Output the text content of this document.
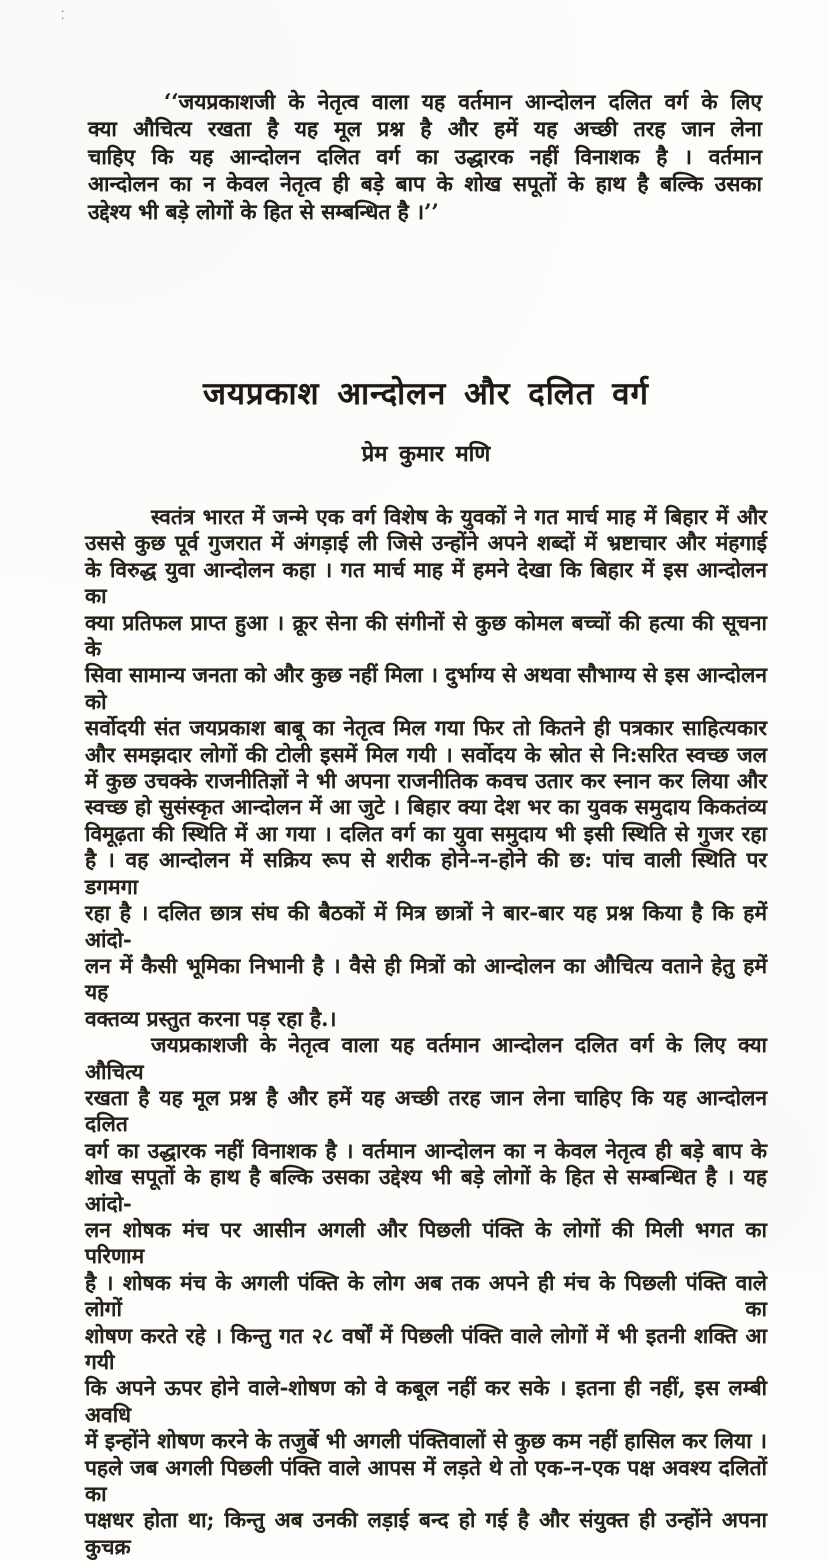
· ·
‘‘जयप्रकाशजी के नेतृत्व वाला यह वर्तमान आन्दोलन दलित वर्ग के लिए
क्या औचित्य रखता है यह मूल प्रश्न है और हमें यह अच्छी तरह जान लेना
चाहिए कि यह आन्दोलन दलित वर्ग का उद्धारक नहीं विनाशक है । वर्तमान
आन्दोलन का न केवल नेतृत्व ही बड़े बाप के शोख सपूतों के हाथ है बल्कि उसका
उद्देश्य भी बड़े लोगों के हित से सम्बन्धित है ।’’
जयप्रकाश आन्दोलन और दलित वर्ग
प्रेम कुमार मणि
स्वतंत्र भारत में जन्मे एक वर्ग विशेष के युवकों ने गत मार्च माह में बिहार में और
उससे कुछ पूर्व गुजरात में अंगड़ाई ली जिसे उन्होंने अपने शब्दों में भ्रष्टाचार और मंहगाई
के विरुद्ध युवा आन्दोलन कहा । गत मार्च माह में हमने देखा कि बिहार में इस आन्दोलन का
क्या प्रतिफल प्राप्त हुआ । क्रूर सेना की संगीनों से कुछ कोमल बच्चों की हत्या की सूचना के
सिवा सामान्य जनता को और कुछ नहीं मिला । दुर्भाग्य से अथवा सौभाग्य से इस आन्दोलन को
सर्वोदयी संत जयप्रकाश बाबू का नेतृत्व मिल गया फिर तो कितने ही पत्रकार साहित्यकार
और समझदार लोगों की टोली इसमें मिल गयी । सर्वोदय के स्रोत से नि:सरित स्वच्छ जल
में कुछ उचक्के राजनीतिज्ञों ने भी अपना राजनीतिक कवच उतार कर स्नान कर लिया और
स्वच्छ हो सुसंस्कृत आन्दोलन में आ जुटे । बिहार क्या देश भर का युवक समुदाय किकतंव्य
विमूढ़ता की स्थिति में आ गया । दलित वर्ग का युवा समुदाय भी इसी स्थिति से गुजर रहा
है । वह आन्दोलन में सक्रिय रूप से शरीक होने-न-होने की छ: पांच वाली स्थिति पर डगमगा
रहा है । दलित छात्र संघ की बैठकों में मित्र छात्रों ने बार-बार यह प्रश्न किया है कि हमें आंदो-
लन में कैसी भूमिका निभानी है । वैसे ही मित्रों को आन्दोलन का औचित्य वताने हेतु हमें यह
वक्तव्य प्रस्तुत करना पड़ रहा है.।
जयप्रकाशजी के नेतृत्व वाला यह वर्तमान आन्दोलन दलित वर्ग के लिए क्या औचित्य
रखता है यह मूल प्रश्न है और हमें यह अच्छी तरह जान लेना चाहिए कि यह आन्दोलन दलित
वर्ग का उद्धारक नहीं विनाशक है । वर्तमान आन्दोलन का न केवल नेतृत्व ही बड़े बाप के
शोख सपूतों के हाथ है बल्कि उसका उद्देश्य भी बड़े लोगों के हित से सम्बन्धित है । यह आंदो-
लन शोषक मंच पर आसीन अगली और पिछली पंक्ति के लोगों की मिली भगत का परिणाम
है । शोषक मंच के अगली पंक्ति के लोग अब तक अपने ही मंच के पिछली पंक्ति वाले लोगों का
शोषण करते रहे । किन्तु गत २८ वर्षों में पिछली पंक्ति वाले लोगों में भी इतनी शक्ति आ गयी
कि अपने ऊपर होने वाले-शोषण को वे कबूल नहीं कर सके । इतना ही नहीं, इस लम्बी अवधि
में इन्होंने शोषण करने के तजुर्बे भी अगली पंक्तिवालों से कुछ कम नहीं हासिल कर लिया ।
पहले जब अगली पिछली पंक्ति वाले आपस में लड़ते थे तो एक-न-एक पक्ष अवश्य दलितों का
पक्षधर होता था; किन्तु अब उनकी लड़ाई बन्द हो गई है और संयुक्त ही उन्होंने अपना कुचक्र
